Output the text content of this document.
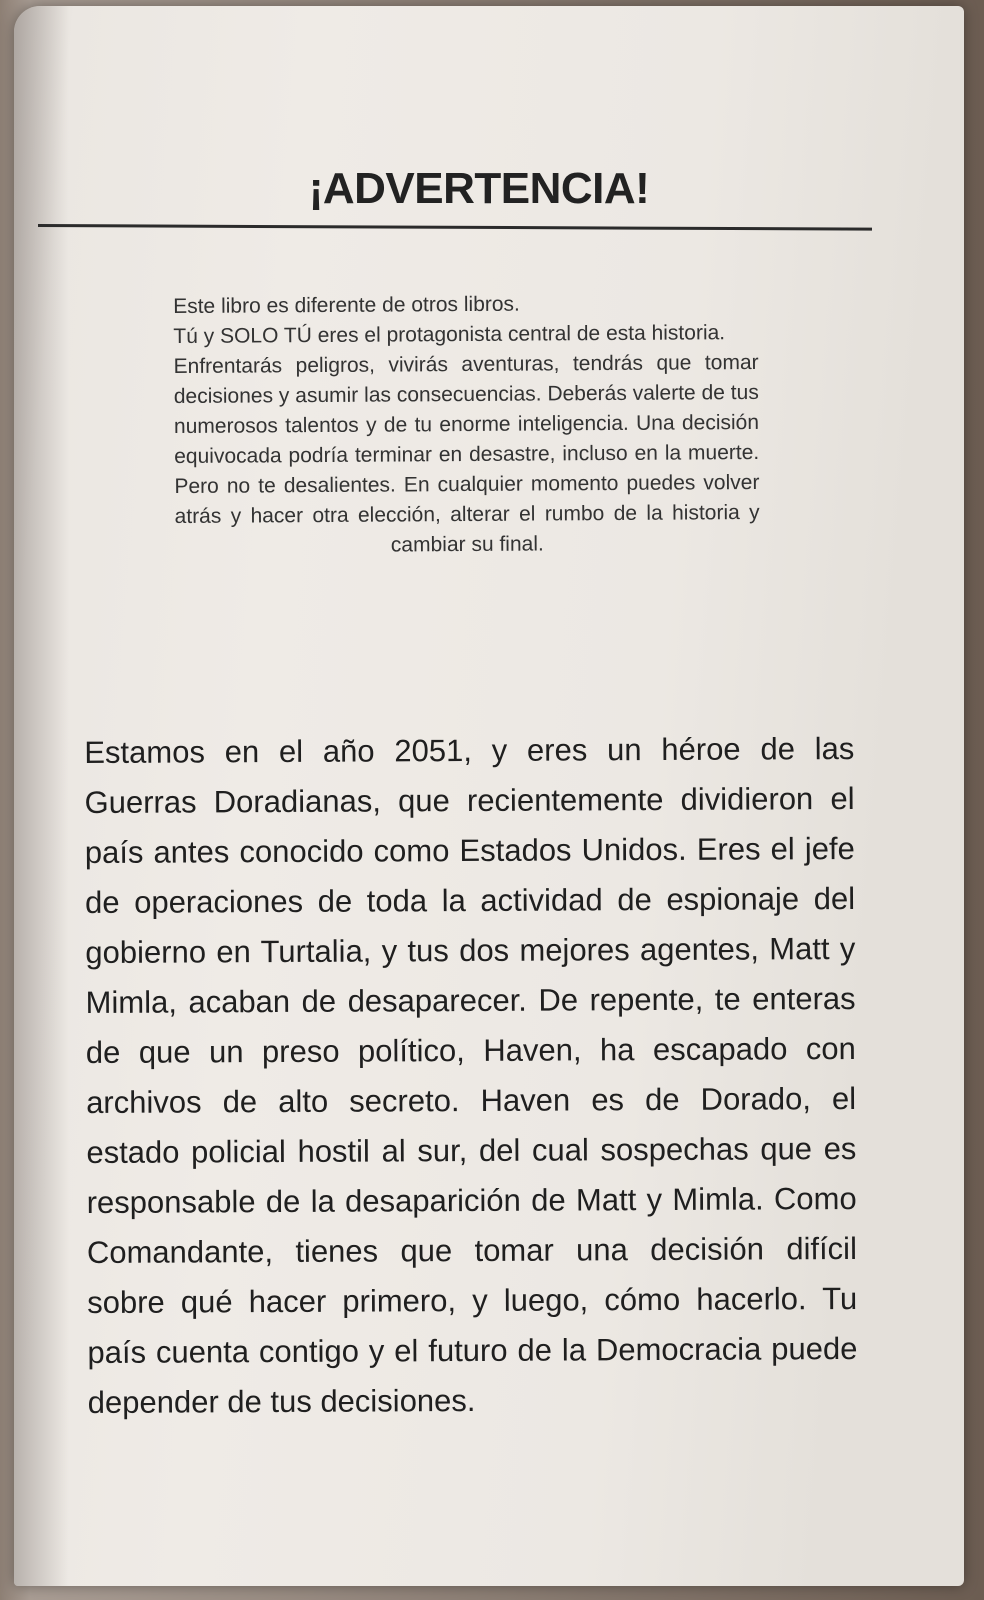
¡ADVERTENCIA!

Este libro es diferente de otros libros.

Tú y SOLO TÚ eres el protagonista central de esta historia.

Enfrentarás peligros, vivirás aventuras, tendrás que tomar decisiones y asumir las consecuencias. Deberás valerte de tus numerosos talentos y de tu enorme inteligencia. Una decisión equivocada podría terminar en desastre, incluso en la muerte. Pero no te desalientes. En cualquier momento puedes volver atrás y hacer otra elección, alterar el rumbo de la historia y cambiar su final.

Estamos en el año 2051, y eres un héroe de las Guerras Doradianas, que recientemente dividieron el país antes conocido como Estados Unidos. Eres el jefe de operaciones de toda la actividad de espionaje del gobierno en Turtalia, y tus dos mejores agentes, Matt y Mimla, acaban de desaparecer. De repente, te enteras de que un preso político, Haven, ha escapado con archivos de alto secreto. Haven es de Dorado, el estado policial hostil al sur, del cual sospechas que es responsable de la desaparición de Matt y Mimla. Como Comandante, tienes que tomar una decisión difícil sobre qué hacer primero, y luego, cómo hacerlo. Tu país cuenta contigo y el futuro de la Democracia puede depender de tus decisiones.
